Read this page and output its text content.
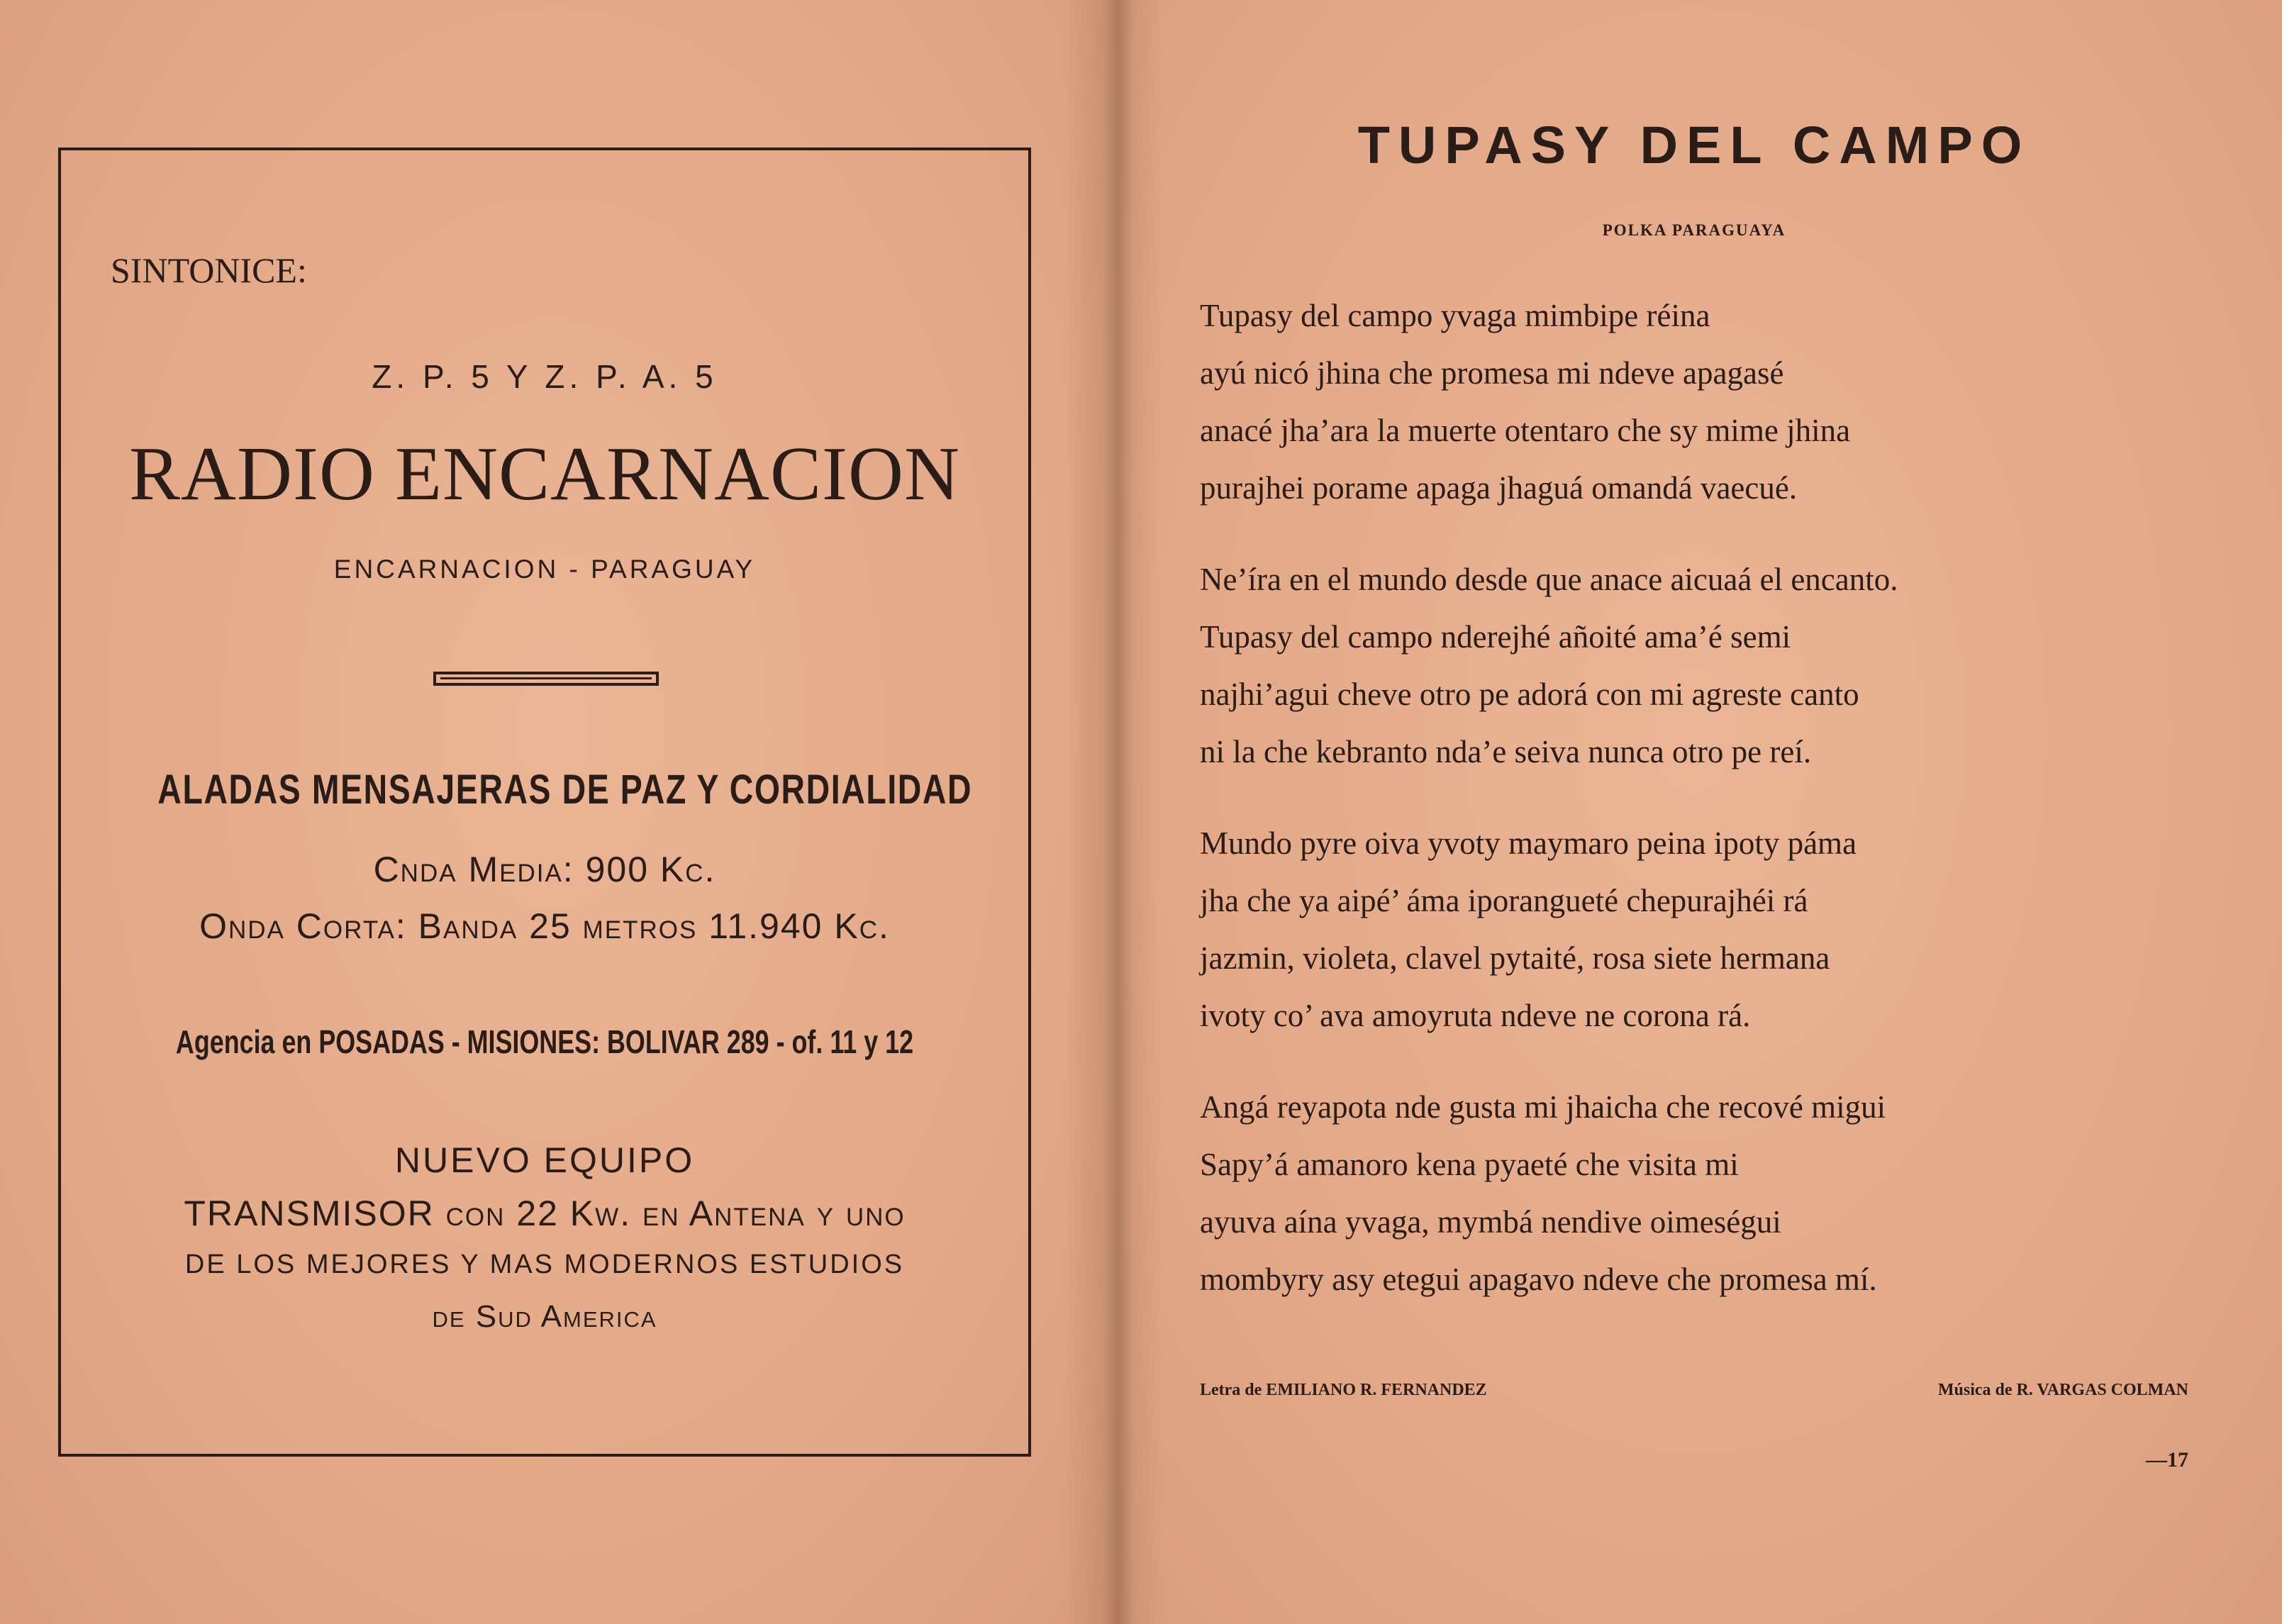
SINTONICE:

Z. P. 5 Y Z. P. A. 5

RADIO ENCARNACION

ENCARNACION - PARAGUAY

ALADAS MENSAJERAS DE PAZ Y CORDIALIDAD

Cnda Media: 900 Kc.

Onda Corta: Banda 25 metros 11.940 Kc.

Agencia en POSADAS - MISIONES: BOLIVAR 289 - of. 11 y 12

NUEVO EQUIPO

TRANSMISOR con 22 Kw. en Antena y uno

DE LOS MEJORES Y MAS MODERNOS ESTUDIOS

de Sud America

TUPASY DEL CAMPO

POLKA PARAGUAYA

Tupasy del campo yvaga mimbipe réina
ayú nicó jhina che promesa mi ndeve apagasé
anacé jha’ara la muerte otentaro che sy mime jhina
purajhei porame apaga jhaguá omandá vaecué.
Ne’íra en el mundo desde que anace aicuaá el encanto.
Tupasy del campo nderejhé añoité ama’é semi
najhi’agui cheve otro pe adorá con mi agreste canto
ni la che kebranto nda’e seiva nunca otro pe reí.
Mundo pyre oiva yvoty maymaro peina ipoty páma
jha che ya aipé’ áma iporanguеté chepurajhéi rá
jazmin, violeta, clavel pytaité, rosa siete hermana
ivoty co’ ava amoyruta ndeve ne corona rá.
Angá reyapota nde gusta mi jhaicha che recové migui
Sapy’á amanoro kena pyaeté che visita mi
ayuva aína yvaga, mymbá nendive oimeségui
mombyry asy etegui apagavo ndeve che promesa mí.

Letra de EMILIANO R. FERNANDEZ	Música de R. VARGAS COLMAN

—17
